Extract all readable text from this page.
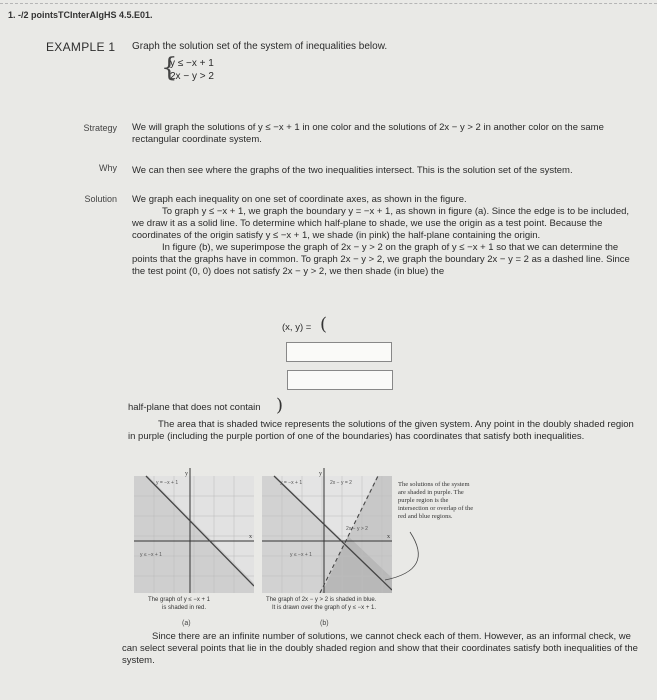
1. -/2 pointsTCInterAlgHS 4.5.E01.
EXAMPLE 1 Graph the solution set of the system of inequalities below.
{
y ≤ −x + 1
2x − y > 2
Strategy We will graph the solutions of y ≤ −x + 1 in one color and the solutions of 2x − y > 2 in another color on the same rectangular coordinate system.
Why We can then see where the graphs of the two inequalities intersect. This is the solution set of the system.
Solution We graph each inequality on one set of coordinate axes, as shown in the figure.

To graph y ≤ −x + 1, we graph the boundary y = −x + 1, as shown in figure (a). Since the edge is to be included, we draw it as a solid line. To determine which half-plane to shade, we use the origin as a test point. Because the coordinates of the origin satisfy y ≤ −x + 1, we shade (in pink) the half-plane containing the origin.

In figure (b), we superimpose the graph of 2x − y > 2 on the graph of y ≤ −x + 1 so that we can determine the points that the graphs have in common. To graph 2x − y > 2, we graph the boundary 2x − y = 2 as a dashed line. Since the test point (0, 0) does not satisfy 2x − y > 2, we then shade (in blue) the

(x, y) = (
half-plane that does not contain )
The area that is shaded twice represents the solutions of the given system. Any point in the doubly shaded region in purple (including the purple portion of one of the boundaries) has coordinates that satisfy both inequalities.
y
x
y = −x + 1
y ≤ −x + 1
The graph of y ≤ −x + 1
is shaded in red.
(a)
y
x
y = −x + 1	2x − y = 2
2x − y > 2
y ≤ −x + 1
The graph of 2x − y > 2 is shaded in blue.
It is drawn over the graph of y ≤ −x + 1.
(b)
The solutions of the system are shaded in purple. The purple region is the intersection or overlap of the red and blue regions.
Since there are an infinite number of solutions, we cannot check each of them. However, as an informal check, we can select several points that lie in the doubly shaded region and show that their coordinates satisfy both inequalities of the system.
